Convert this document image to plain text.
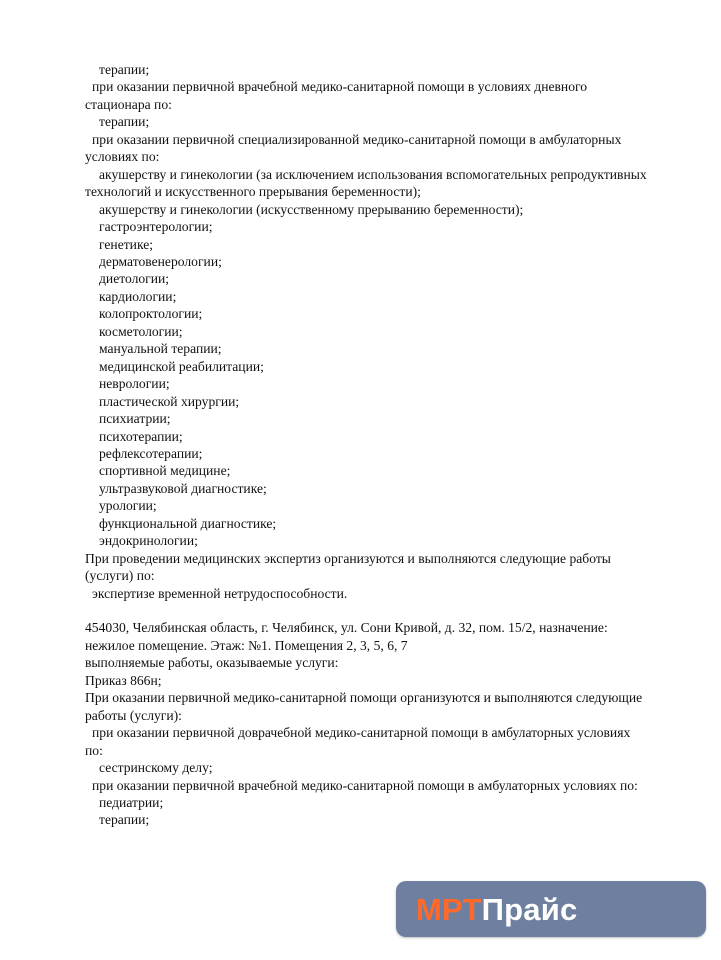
терапии;

при оказании первичной врачебной медико-санитарной помощи в условиях дневного

стационара по:

терапии;

при оказании первичной специализированной медико-санитарной помощи в амбулаторных

условиях по:

акушерству и гинекологии (за исключением использования вспомогательных репродуктивных

технологий и искусственного прерывания беременности);

акушерству и гинекологии (искусственному прерыванию беременности);

гастроэнтерологии;

генетике;

дерматовенерологии;

диетологии;

кардиологии;

колопроктологии;

косметологии;

мануальной терапии;

медицинской реабилитации;

неврологии;

пластической хирургии;

психиатрии;

психотерапии;

рефлексотерапии;

спортивной медицине;

ультразвуковой диагностике;

урологии;

функциональной диагностике;

эндокринологии;

При проведении медицинских экспертиз организуются и выполняются следующие работы

(услуги) по:

экспертизе временной нетрудоспособности.

454030, Челябинская область, г. Челябинск, ул. Сони Кривой, д. 32, пом. 15/2, назначение:

нежилое помещение. Этаж: №1. Помещения 2, 3, 5, 6, 7

выполняемые работы, оказываемые услуги:

Приказ 866н;

При оказании первичной медико-санитарной помощи организуются и выполняются следующие

работы (услуги):

при оказании первичной доврачебной медико-санитарной помощи в амбулаторных условиях

по:

сестринскому делу;

при оказании первичной врачебной медико-санитарной помощи в амбулаторных условиях по:

педиатрии;

терапии;

МРТПрайс
